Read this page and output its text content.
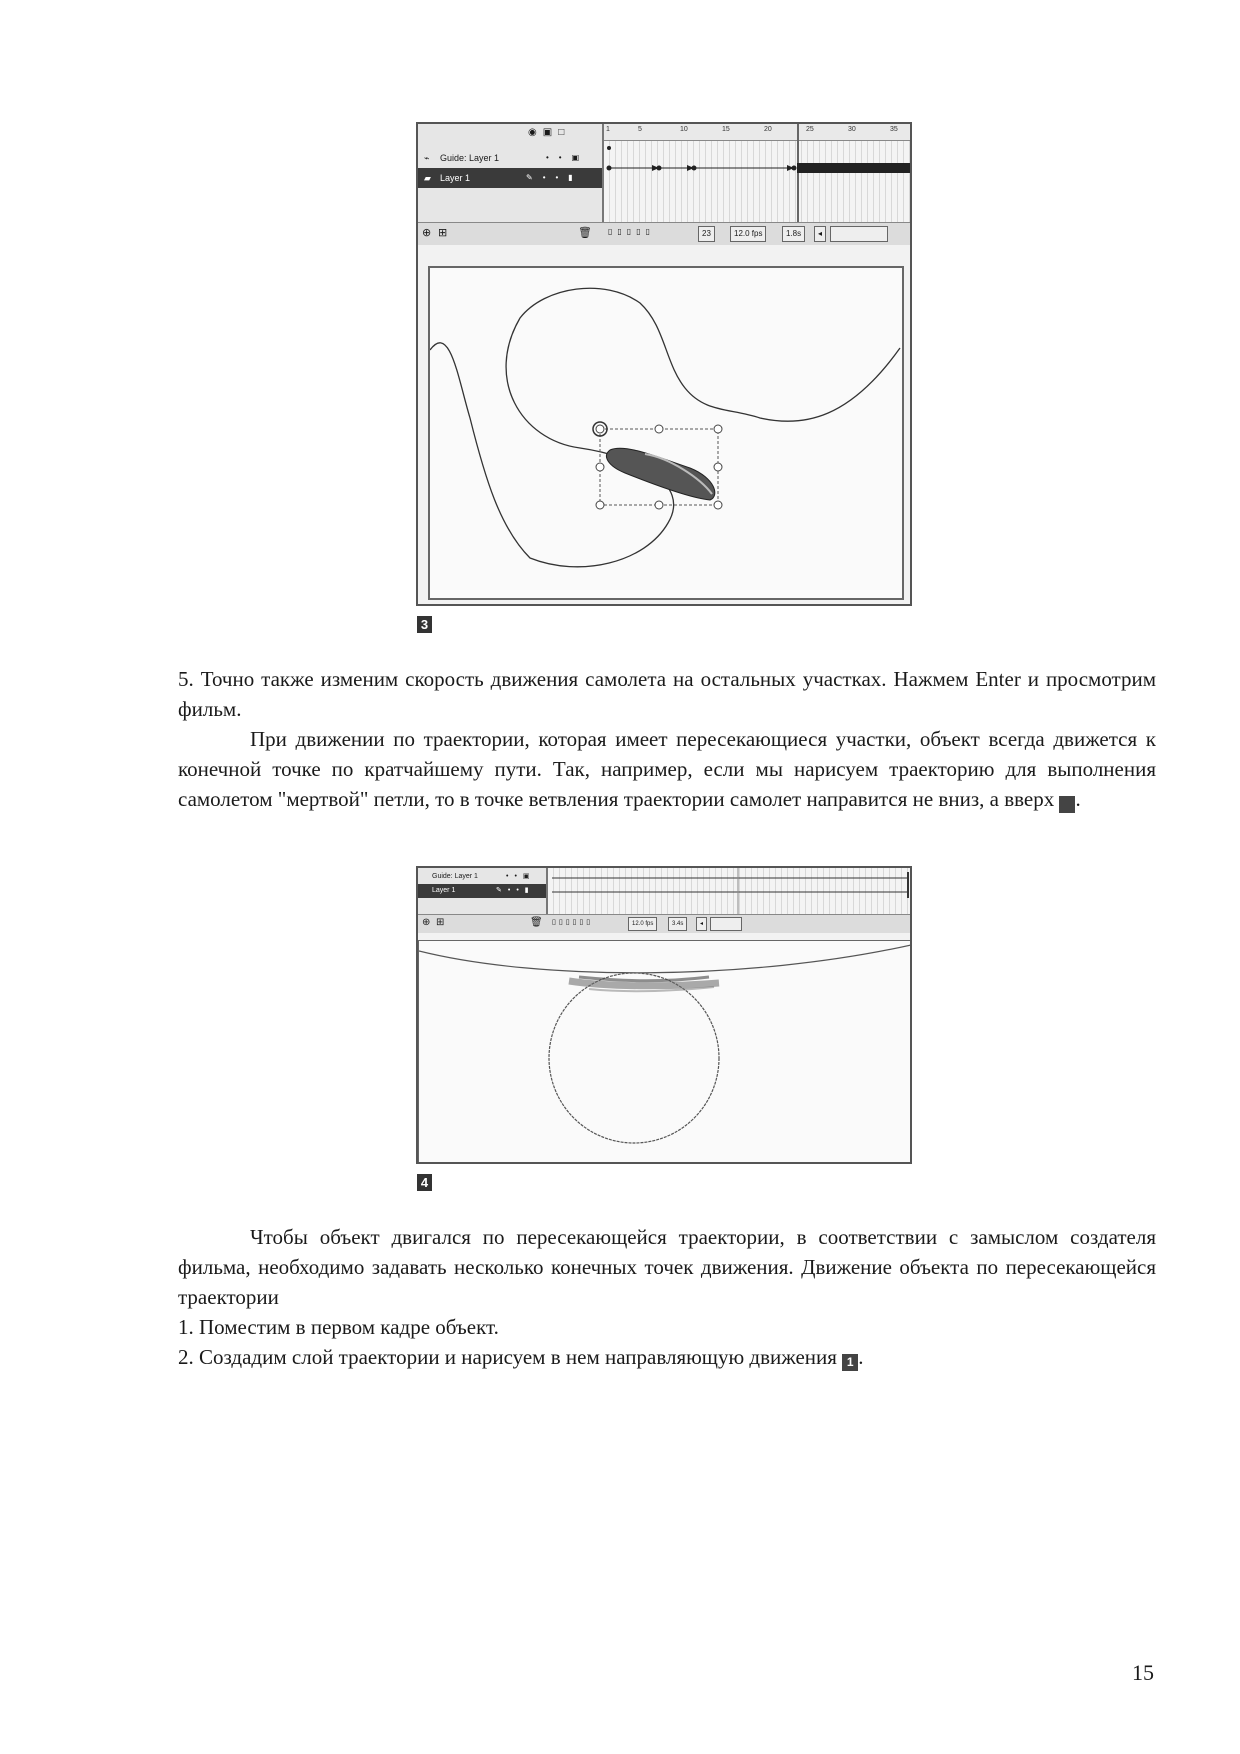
◉▣□
⌁ Guide: Layer 1	••▣
▰ Layer 1	✎••▮
1	5	10	15	20	25	30	35
⊕ ⊞	🗑 ▯▯▯▯▯	23	12.0 fps	1.8s	◂

3

5. Точно также изменим скорость движения самолета на остальных участках. Нажмем Enter и просмотрим фильм.

При движении по траектории, которая имеет пересекающиеся участки, объект всегда движется к конечной точке по кратчайшему пути. Так, например, если мы нарисуем траекторию для выполнения самолетом "мертвой" петли, то в точке ветвления траектории самолет направится не вниз, а вверх	4.

Guide: Layer 1	••▣
Layer 1	✎••▮
⊕ ⊞	🗑 ▯▯▯▯▯▯	12.0 fps	3.4s	◂

4

Чтобы объект двигался по пересекающейся траектории, в соответствии с замыслом создателя фильма, необходимо задавать несколько конечных точек движения. Движение объекта по пересекающейся траектории

1. Поместим в первом кадре объект.

2. Создадим слой траектории и нарисуем в нем направляющую движения 1 .

15
